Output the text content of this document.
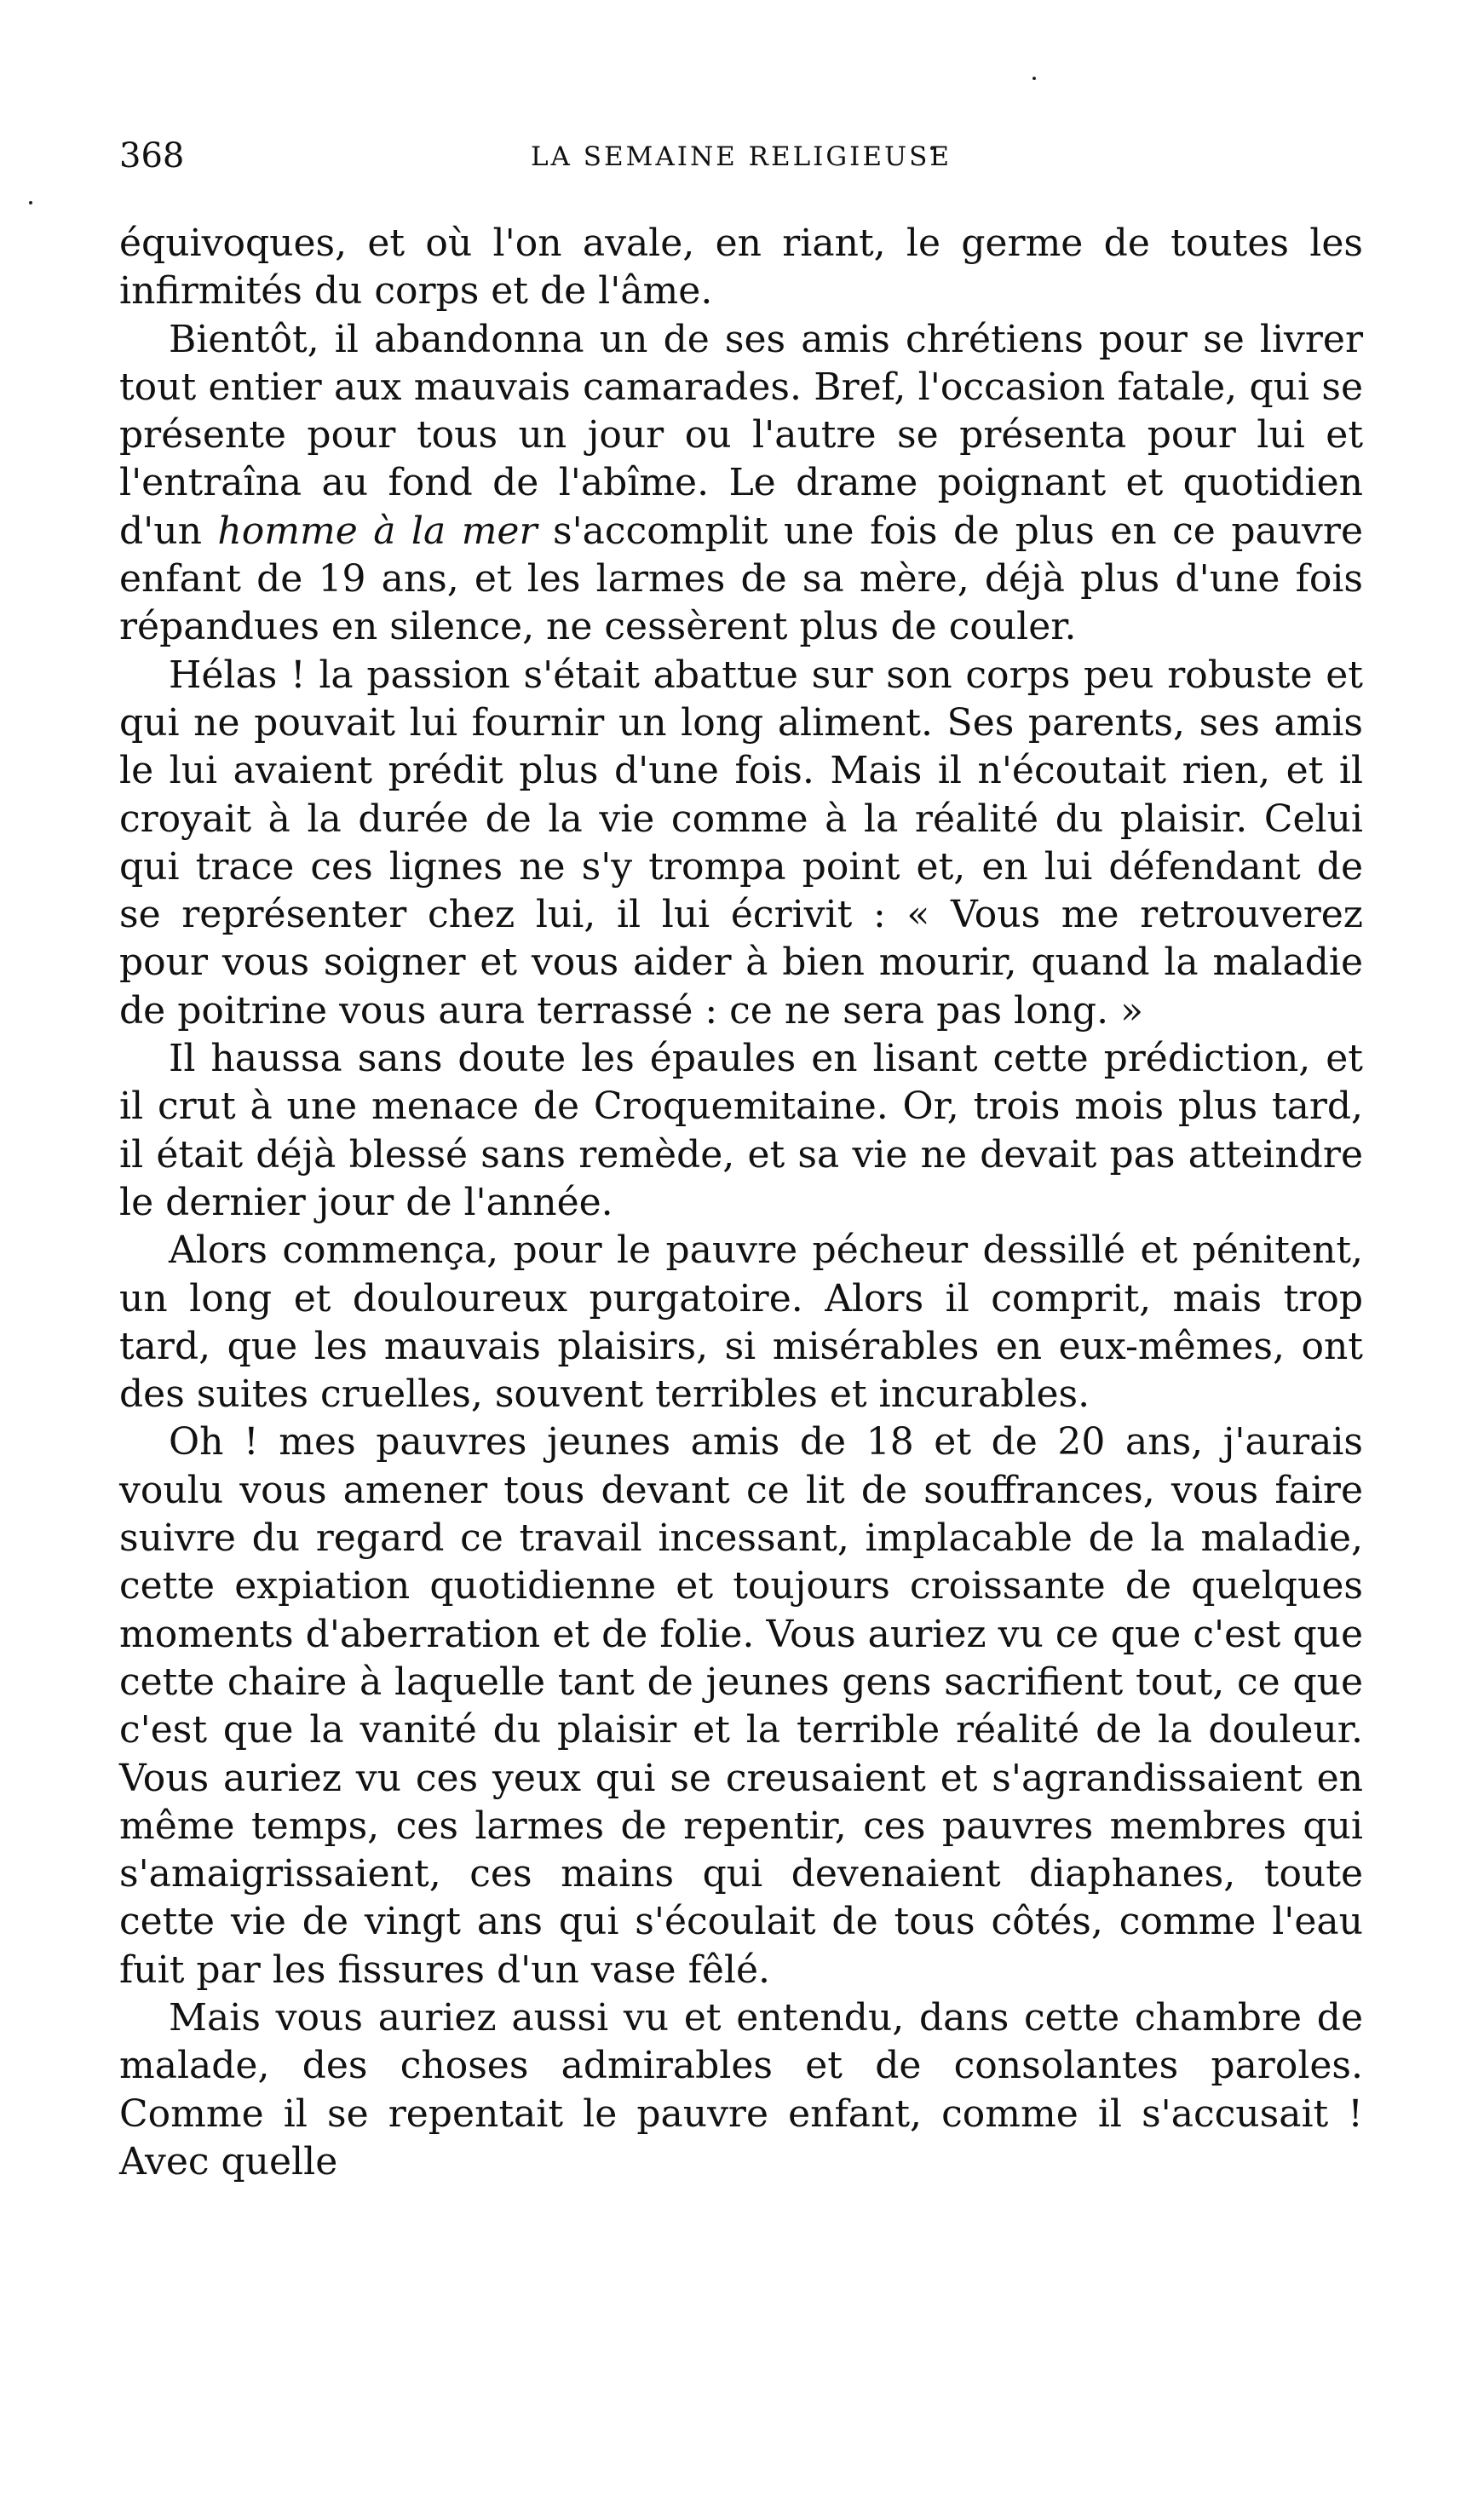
368	LA SEMAINE RELIGIEUSE

équivoques, et où l'on avale, en riant, le germe de toutes les infirmités du corps et de l'âme.

Bientôt, il abandonna un de ses amis chrétiens pour se livrer tout entier aux mauvais camarades. Bref, l'occasion fatale, qui se présente pour tous un jour ou l'autre se présenta pour lui et l'entraîna au fond de l'abîme. Le drame poignant et quotidien d'un homme à la mer s'accomplit une fois de plus en ce pauvre enfant de 19 ans, et les larmes de sa mère, déjà plus d'une fois répandues en silence, ne cessèrent plus de couler.

Hélas ! la passion s'était abattue sur son corps peu robuste et qui ne pouvait lui fournir un long aliment. Ses parents, ses amis le lui avaient prédit plus d'une fois. Mais il n'écoutait rien, et il croyait à la durée de la vie comme à la réalité du plaisir. Celui qui trace ces lignes ne s'y trompa point et, en lui défendant de se représenter chez lui, il lui écrivit : « Vous me retrouverez pour vous soigner et vous aider à bien mourir, quand la maladie de poitrine vous aura terrassé : ce ne sera pas long. »

Il haussa sans doute les épaules en lisant cette prédiction, et il crut à une menace de Croquemitaine. Or, trois mois plus tard, il était déjà blessé sans remède, et sa vie ne devait pas atteindre le dernier jour de l'année.

Alors commença, pour le pauvre pécheur dessillé et pénitent, un long et douloureux purgatoire. Alors il comprit, mais trop tard, que les mauvais plaisirs, si misérables en eux-mêmes, ont des suites cruelles, souvent terribles et incurables.

Oh ! mes pauvres jeunes amis de 18 et de 20 ans, j'aurais voulu vous amener tous devant ce lit de souffrances, vous faire suivre du regard ce travail incessant, implacable de la maladie, cette expiation quotidienne et toujours croissante de quelques moments d'aberration et de folie. Vous auriez vu ce que c'est que cette chaire à laquelle tant de jeunes gens sacrifient tout, ce que c'est que la vanité du plaisir et la terrible réalité de la douleur. Vous auriez vu ces yeux qui se creusaient et s'agrandissaient en même temps, ces larmes de repentir, ces pauvres membres qui s'amaigrissaient, ces mains qui devenaient diaphanes, toute cette vie de vingt ans qui s'écoulait de tous côtés, comme l'eau fuit par les fissures d'un vase fêlé.

Mais vous auriez aussi vu et entendu, dans cette chambre de malade, des choses admirables et de consolantes paroles. Comme il se repentait le pauvre enfant, comme il s'accusait ! Avec quelle
